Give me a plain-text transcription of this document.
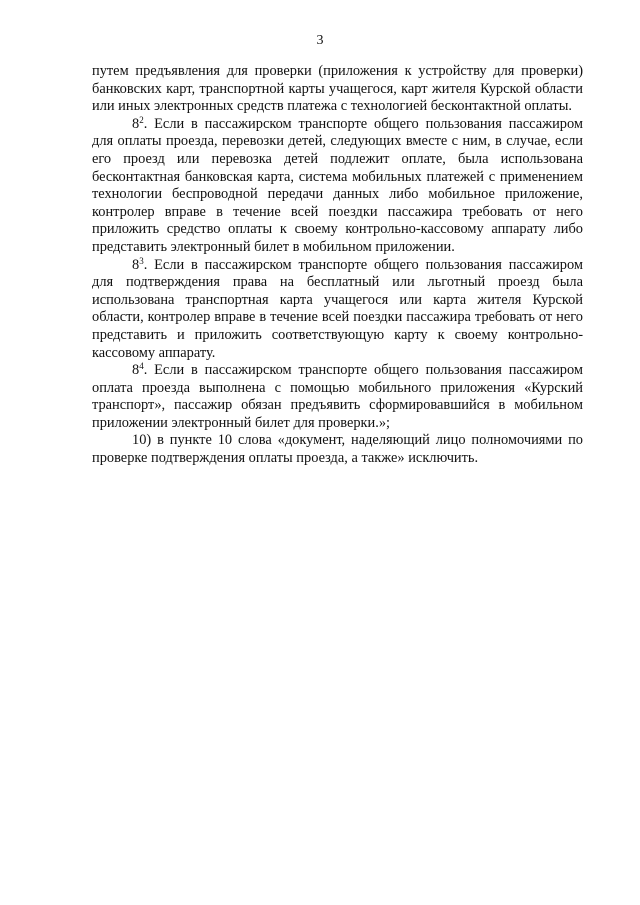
3

путем предъявления для проверки (приложения к устройству для проверки) банковских карт, транспортной карты учащегося, карт жителя Курской области или иных электронных средств платежа с технологией бесконтактной оплаты.

$8^2$. Если в пассажирском транспорте общего пользования пассажиром для оплаты проезда, перевозки детей, следующих вместе с ним, в случае, если его проезд или перевозка детей подлежит оплате, была использована бесконтактная банковская карта, система мобильных платежей с применением технологии беспроводной передачи данных либо мобильное приложение, контролер вправе в течение всей поездки пассажира требовать от него приложить средство оплаты к своему контрольно-кассовому аппарату либо представить электронный билет в мобильном приложении.

$8^3$. Если в пассажирском транспорте общего пользования пассажиром для подтверждения права на бесплатный или льготный проезд была использована транспортная карта учащегося или карта жителя Курской области, контролер вправе в течение всей поездки пассажира требовать от него представить и приложить соответствующую карту к своему контрольно-кассовому аппарату.

$8^4$. Если в пассажирском транспорте общего пользования пассажиром оплата проезда выполнена с помощью мобильного приложения «Курский транспорт», пассажир обязан предъявить сформировавшийся в мобильном приложении электронный билет для проверки.»;

10) в пункте 10 слова «документ, наделяющий лицо полномочиями по проверке подтверждения оплаты проезда, а также» исключить.
